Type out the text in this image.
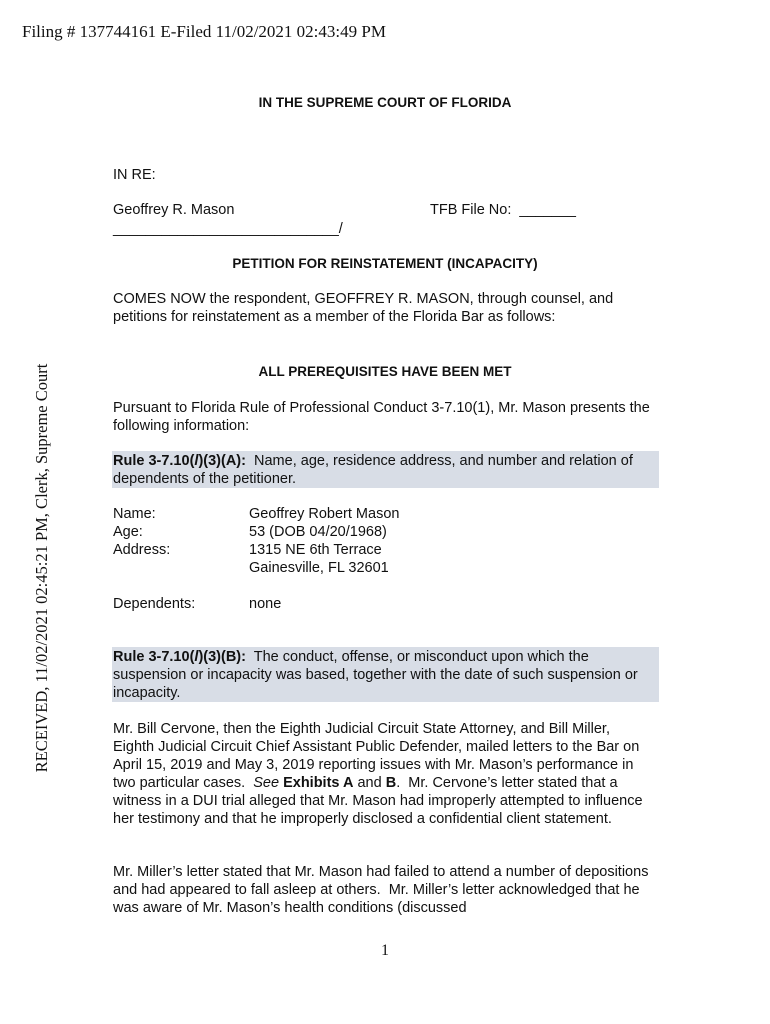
Filing # 137744161 E-Filed 11/02/2021 02:43:49 PM
RECEIVED, 11/02/2021 02:45:21 PM, Clerk, Supreme Court
IN THE SUPREME COURT OF FLORIDA
IN RE:
Geoffrey R. Mason	TFB File No:  _______
____________________________/
PETITION FOR REINSTATEMENT (INCAPACITY)
COMES NOW the respondent, GEOFFREY R. MASON, through counsel, and petitions for reinstatement as a member of the Florida Bar as follows:
ALL PREREQUISITES HAVE BEEN MET
Pursuant to Florida Rule of Professional Conduct 3-7.10(1), Mr. Mason presents the following information:
Rule 3-7.10(l)(3)(A): Name, age, residence address, and number and relation of dependents of the petitioner.
Name:	Geoffrey Robert Mason
Age:	53 (DOB 04/20/1968)
Address:	1315 NE 6th Terrace
Gainesville, FL 32601
Dependents:	none
Rule 3-7.10(l)(3)(B): The conduct, offense, or misconduct upon which the suspension or incapacity was based, together with the date of such suspension or incapacity.
Mr. Bill Cervone, then the Eighth Judicial Circuit State Attorney, and Bill Miller, Eighth Judicial Circuit Chief Assistant Public Defender, mailed letters to the Bar on April 15, 2019 and May 3, 2019 reporting issues with Mr. Mason’s performance in two particular cases.  See Exhibits A and B.  Mr. Cervone’s letter stated that a witness in a DUI trial alleged that Mr. Mason had improperly attempted to influence her testimony and that he improperly disclosed a confidential client statement.
Mr. Miller’s letter stated that Mr. Mason had failed to attend a number of depositions and had appeared to fall asleep at others.  Mr. Miller’s letter acknowledged that he was aware of Mr. Mason’s health conditions (discussed
1
